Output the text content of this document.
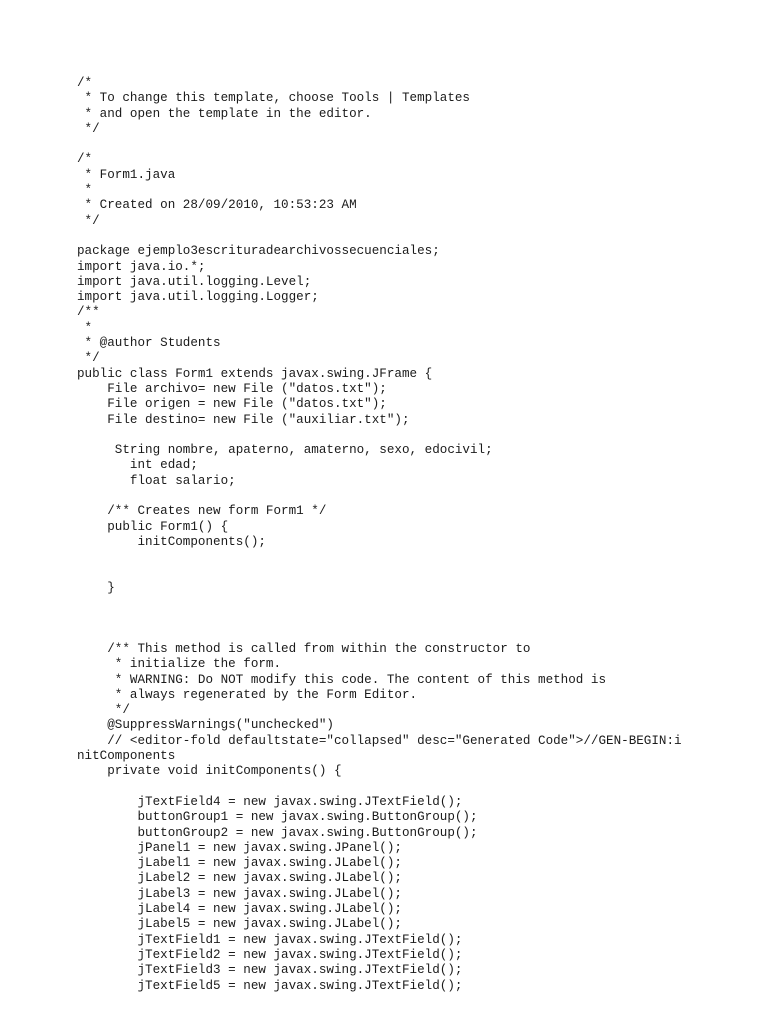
/*
* To change this template, choose Tools | Templates
* and open the template in the editor.
*/

/*
* Form1.java
*
* Created on 28/09/2010, 10:53:23 AM
*/

package ejemplo3escrituradearchivossecuenciales;
import java.io.*;
import java.util.logging.Level;
import java.util.logging.Logger;
/**
*
* @author Students
*/
public class Form1 extends javax.swing.JFrame {
File archivo= new File ("datos.txt");
File origen = new File ("datos.txt");
File destino= new File ("auxiliar.txt");

String nombre, apaterno, amaterno, sexo, edocivil;
int edad;
float salario;

/** Creates new form Form1 */
public Form1() {
initComponents();

}

/** This method is called from within the constructor to
* initialize the form.
* WARNING: Do NOT modify this code. The content of this method is
* always regenerated by the Form Editor.
*/
@SuppressWarnings("unchecked")
// <editor-fold defaultstate="collapsed" desc="Generated Code">//GEN-BEGIN:i
nitComponents
private void initComponents() {

jTextField4 = new javax.swing.JTextField();
buttonGroup1 = new javax.swing.ButtonGroup();
buttonGroup2 = new javax.swing.ButtonGroup();
jPanel1 = new javax.swing.JPanel();
jLabel1 = new javax.swing.JLabel();
jLabel2 = new javax.swing.JLabel();
jLabel3 = new javax.swing.JLabel();
jLabel4 = new javax.swing.JLabel();
jLabel5 = new javax.swing.JLabel();
jTextField1 = new javax.swing.JTextField();
jTextField2 = new javax.swing.JTextField();
jTextField3 = new javax.swing.JTextField();
jTextField5 = new javax.swing.JTextField();
